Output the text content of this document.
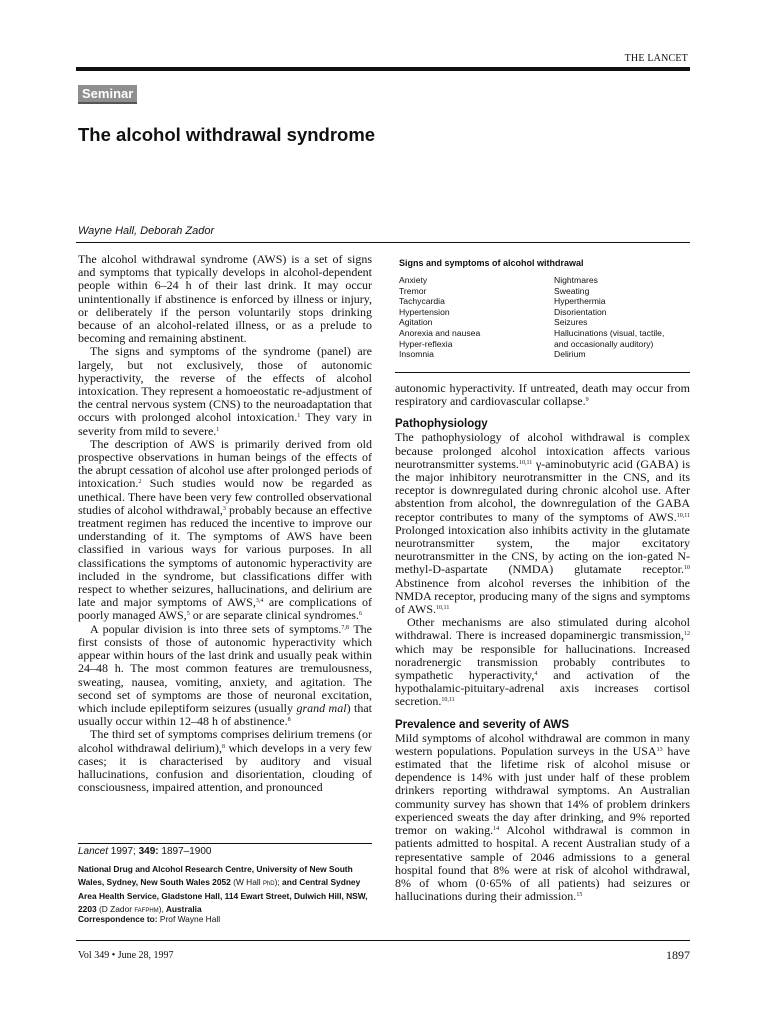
THE LANCET
Seminar
The alcohol withdrawal syndrome
Wayne Hall, Deborah Zador

The alcohol withdrawal syndrome (AWS) is a set of signs and symptoms that typically develops in alcohol-dependent people within 6–24 h of their last drink. It may occur unintentionally if abstinence is enforced by illness or injury, or deliberately if the person voluntarily stops drinking because of an alcohol-related illness, or as a prelude to becoming and remaining abstinent.

The signs and symptoms of the syndrome (panel) are largely, but not exclusively, those of autonomic hyperactivity, the reverse of the effects of alcohol intoxication. They represent a homoeostatic re-adjustment of the central nervous system (CNS) to the neuroadaptation that occurs with prolonged alcohol intoxication.$^1$ They vary in severity from mild to severe.$^1$

The description of AWS is primarily derived from old prospective observations in human beings of the effects of the abrupt cessation of alcohol use after prolonged periods of intoxication.$^2$ Such studies would now be regarded as unethical. There have been very few controlled observational studies of alcohol withdrawal,$^3$ probably because an effective treatment regimen has reduced the incentive to improve our understanding of it. The symptoms of AWS have been classified in various ways for various purposes. In all classifications the symptoms of autonomic hyperactivity are included in the syndrome, but classifications differ with respect to whether seizures, hallucinations, and delirium are late and major symptoms of AWS,$^{3,4}$ are complications of poorly managed AWS,$^5$ or are separate clinical syndromes.$^6$

A popular division is into three sets of symptoms.$^{7,8}$ The first consists of those of autonomic hyperactivity which appear within hours of the last drink and usually peak within 24–48 h. The most common features are tremulousness, sweating, nausea, vomiting, anxiety, and agitation. The second set of symptoms are those of neuronal excitation, which include epileptiform seizures (usually grand mal) that usually occur within 12–48 h of abstinence.$^8$

The third set of symptoms comprises delirium tremens (or alcohol withdrawal delirium),$^8$ which develops in a very few cases; it is characterised by auditory and visual hallucinations, confusion and disorientation, clouding of consciousness, impaired attention, and pronounced

Signs and symptoms of alcohol withdrawal
Anxiety
Tremor
Tachycardia
Hypertension
Agitation
Anorexia and nausea
Hyper-reflexia
Insomnia
Nightmares
Sweating
Hyperthermia
Disorientation
Seizures
Hallucinations (visual, tactile,
and occasionally auditory)
Delirium

autonomic hyperactivity. If untreated, death may occur from respiratory and cardiovascular collapse.$^9$

Pathophysiology

The pathophysiology of alcohol withdrawal is complex because prolonged alcohol intoxication affects various neurotransmitter systems.$^{10,11}$ γ-aminobutyric acid (GABA) is the major inhibitory neurotransmitter in the CNS, and its receptor is downregulated during chronic alcohol use. After abstention from alcohol, the downregulation of the GABA receptor contributes to many of the symptoms of AWS.$^{10,11}$ Prolonged intoxication also inhibits activity in the glutamate neurotransmitter system, the major excitatory neurotransmitter in the CNS, by acting on the ion-gated N-methyl-D-aspartate (NMDA) glutamate receptor.$^{10}$ Abstinence from alcohol reverses the inhibition of the NMDA receptor, producing many of the signs and symptoms of AWS.$^{10,11}$

Other mechanisms are also stimulated during alcohol withdrawal. There is increased dopaminergic transmission,$^{12}$ which may be responsible for hallucinations. Increased noradrenergic transmission probably contributes to sympathetic hyperactivity,$^4$ and activation of the hypothalamic-pituitary-adrenal axis increases cortisol secretion.$^{10,11}$

Prevalence and severity of AWS

Mild symptoms of alcohol withdrawal are common in many western populations. Population surveys in the USA$^{13}$ have estimated that the lifetime risk of alcohol misuse or dependence is 14% with just under half of these problem drinkers reporting withdrawal symptoms. An Australian community survey has shown that 14% of problem drinkers experienced sweats the day after drinking, and 9% reported tremor on waking.$^{14}$ Alcohol withdrawal is common in patients admitted to hospital. A recent Australian study of a representative sample of 2046 admissions to a general hospital found that 8% were at risk of alcohol withdrawal, 8% of whom (0·65% of all patients) had seizures or hallucinations during their admission.$^{15}$

Lancet 1997; 349: 1897–1900
National Drug and Alcohol Research Centre, University of New South Wales, Sydney, New South Wales 2052 (W Hall PhD); and Central Sydney Area Health Service, Gladstone Hall, 114 Ewart Street, Dulwich Hill, NSW, 2203 (D Zador FAFPHM), Australia
Correspondence to: Prof Wayne Hall
Vol 349 • June 28, 1997	1897
